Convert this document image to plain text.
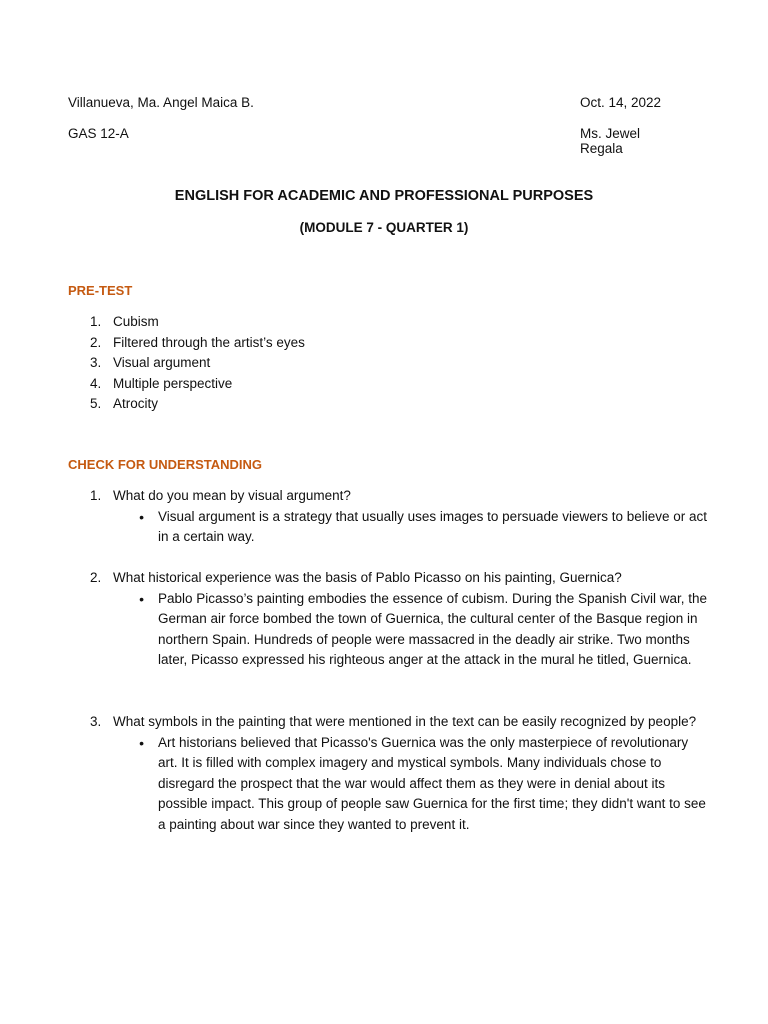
Villanueva, Ma. Angel Maica B.	Oct. 14, 2022
GAS 12-A	Ms. Jewel Regala
ENGLISH FOR ACADEMIC AND PROFESSIONAL PURPOSES
(MODULE 7 - QUARTER 1)
PRE-TEST
1. Cubism
2. Filtered through the artist’s eyes
3. Visual argument
4. Multiple perspective
5. Atrocity
CHECK FOR UNDERSTANDING
1. What do you mean by visual argument?
•	Visual argument is a strategy that usually uses images to persuade viewers to believe or act in a certain way.
2. What historical experience was the basis of Pablo Picasso on his painting, Guernica?
•	Pablo Picasso’s painting embodies the essence of cubism. During the Spanish Civil war, the German air force bombed the town of Guernica, the cultural center of the Basque region in northern Spain. Hundreds of people were massacred in the deadly air strike. Two months later, Picasso expressed his righteous anger at the attack in the mural he titled, Guernica.
3. What symbols in the painting that were mentioned in the text can be easily recognized by people?
•	Art historians believed that Picasso's Guernica was the only masterpiece of revolutionary art. It is filled with complex imagery and mystical symbols. Many individuals chose to disregard the prospect that the war would affect them as they were in denial about its possible impact. This group of people saw Guernica for the first time; they didn't want to see a painting about war since they wanted to prevent it.
